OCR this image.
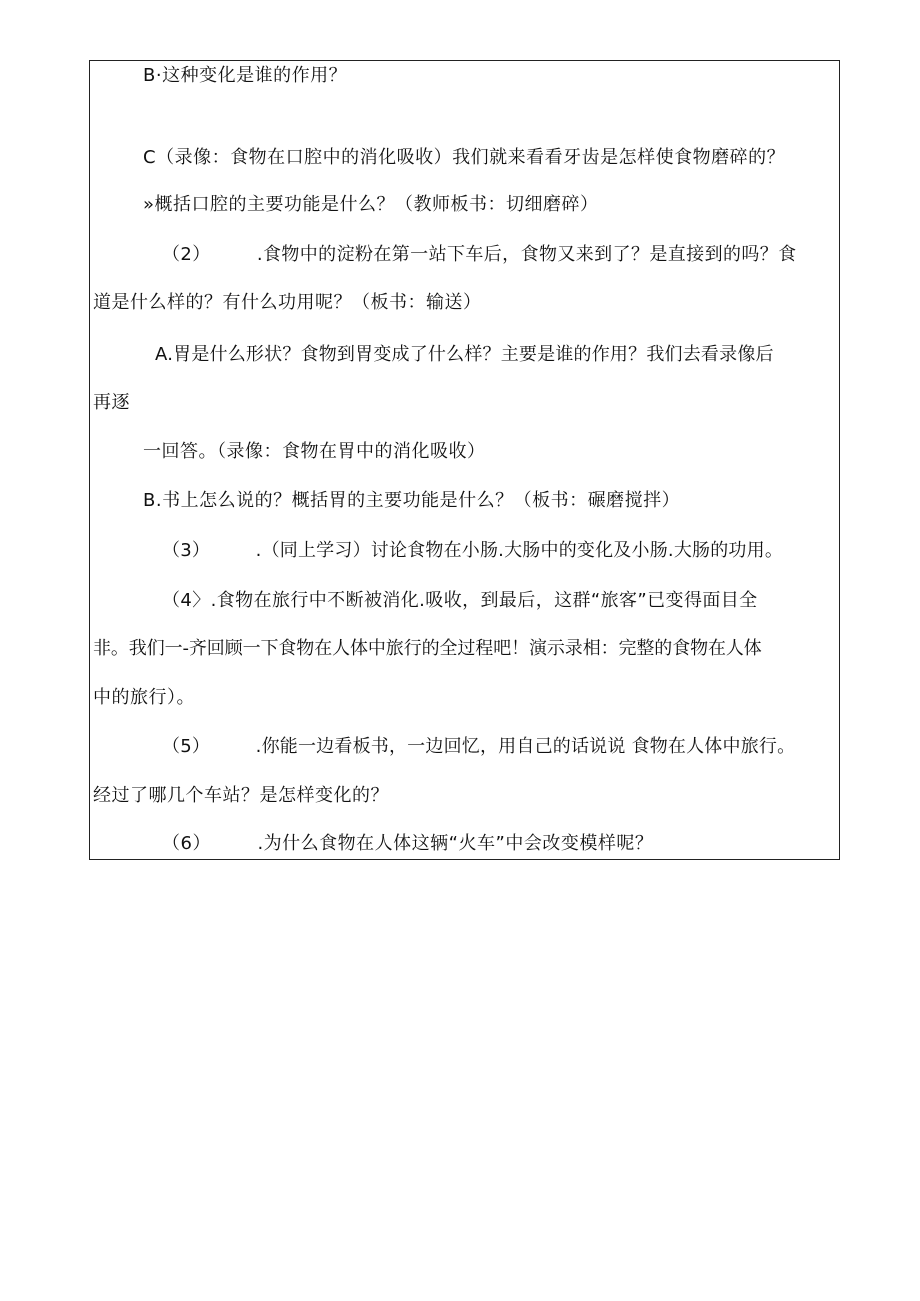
B·这种变化是谁的作用？
C（录像：食物在口腔中的消化吸收）我们就来看看牙齿是怎样使食物磨碎的？
»概括口腔的主要功能是什么？（教师板书：切细磨碎）
（2）　　　.食物中的淀粉在第一站下车后，食物又来到了？是直接到的吗？食
道是什么样的？有什么功用呢？（板书：输送）
A.胃是什么形状？食物到胃变成了什么样？主要是谁的作用？我们去看录像后
再逐
一回答。（录像：食物在胃中的消化吸收）
B.书上怎么说的？概括胃的主要功能是什么？（板书：碾磨搅拌）
（3）　　　.（同上学习）讨论食物在小肠.大肠中的变化及小肠.大肠的功用。
（4〉.食物在旅行中不断被消化.吸收，到最后，这群“旅客”已变得面目全
非。我们一-齐回顾一下食物在人体中旅行的全过程吧！演示录相：完整的食物在人体
中的旅行）。
（5）　　　.你能一边看板书，一边回忆，用自己的话说说 食物在人体中旅行。
经过了哪几个车站？是怎样变化的？
（6）　　　.为什么食物在人体这辆“火车”中会改变模样呢？
